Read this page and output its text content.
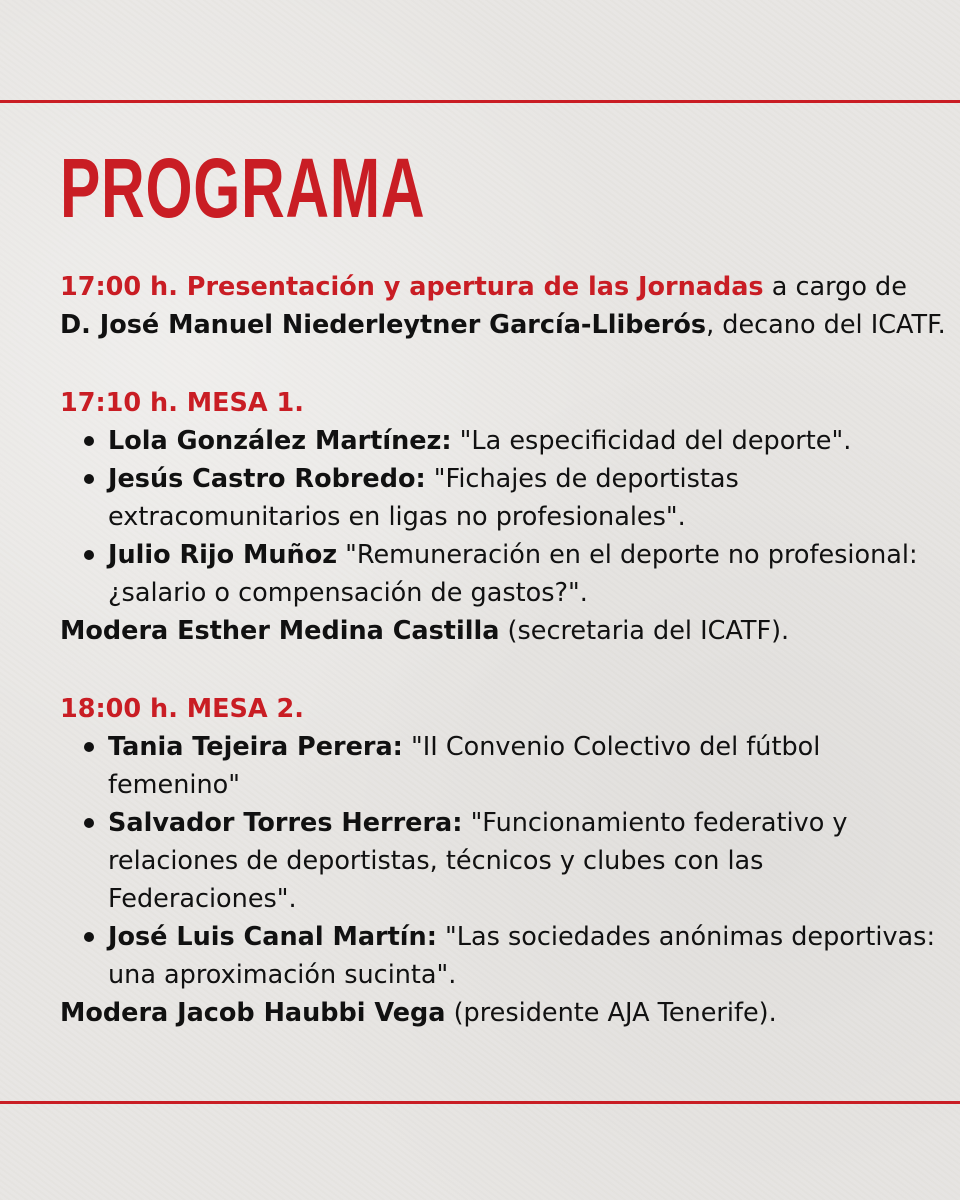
PROGRAMA
17:00 h. Presentación y apertura de las Jornadas a cargo de
D. José Manuel Niederleytner García-Lliberós, decano del ICATF.
17:10 h. MESA 1.
Lola González Martínez: "La especificidad del deporte".
Jesús Castro Robredo: "Fichajes de deportistas
extracomunitarios en ligas no profesionales".
Julio Rijo Muñoz "Remuneración en el deporte no profesional:
¿salario o compensación de gastos?".
Modera Esther Medina Castilla (secretaria del ICATF).
18:00 h. MESA 2.
Tania Tejeira Perera: "II Convenio Colectivo del fútbol
femenino"
Salvador Torres Herrera: "Funcionamiento federativo y
relaciones de deportistas, técnicos y clubes con las
Federaciones".
José Luis Canal Martín: "Las sociedades anónimas deportivas:
una aproximación sucinta".
Modera Jacob Haubbi Vega (presidente AJA Tenerife).
